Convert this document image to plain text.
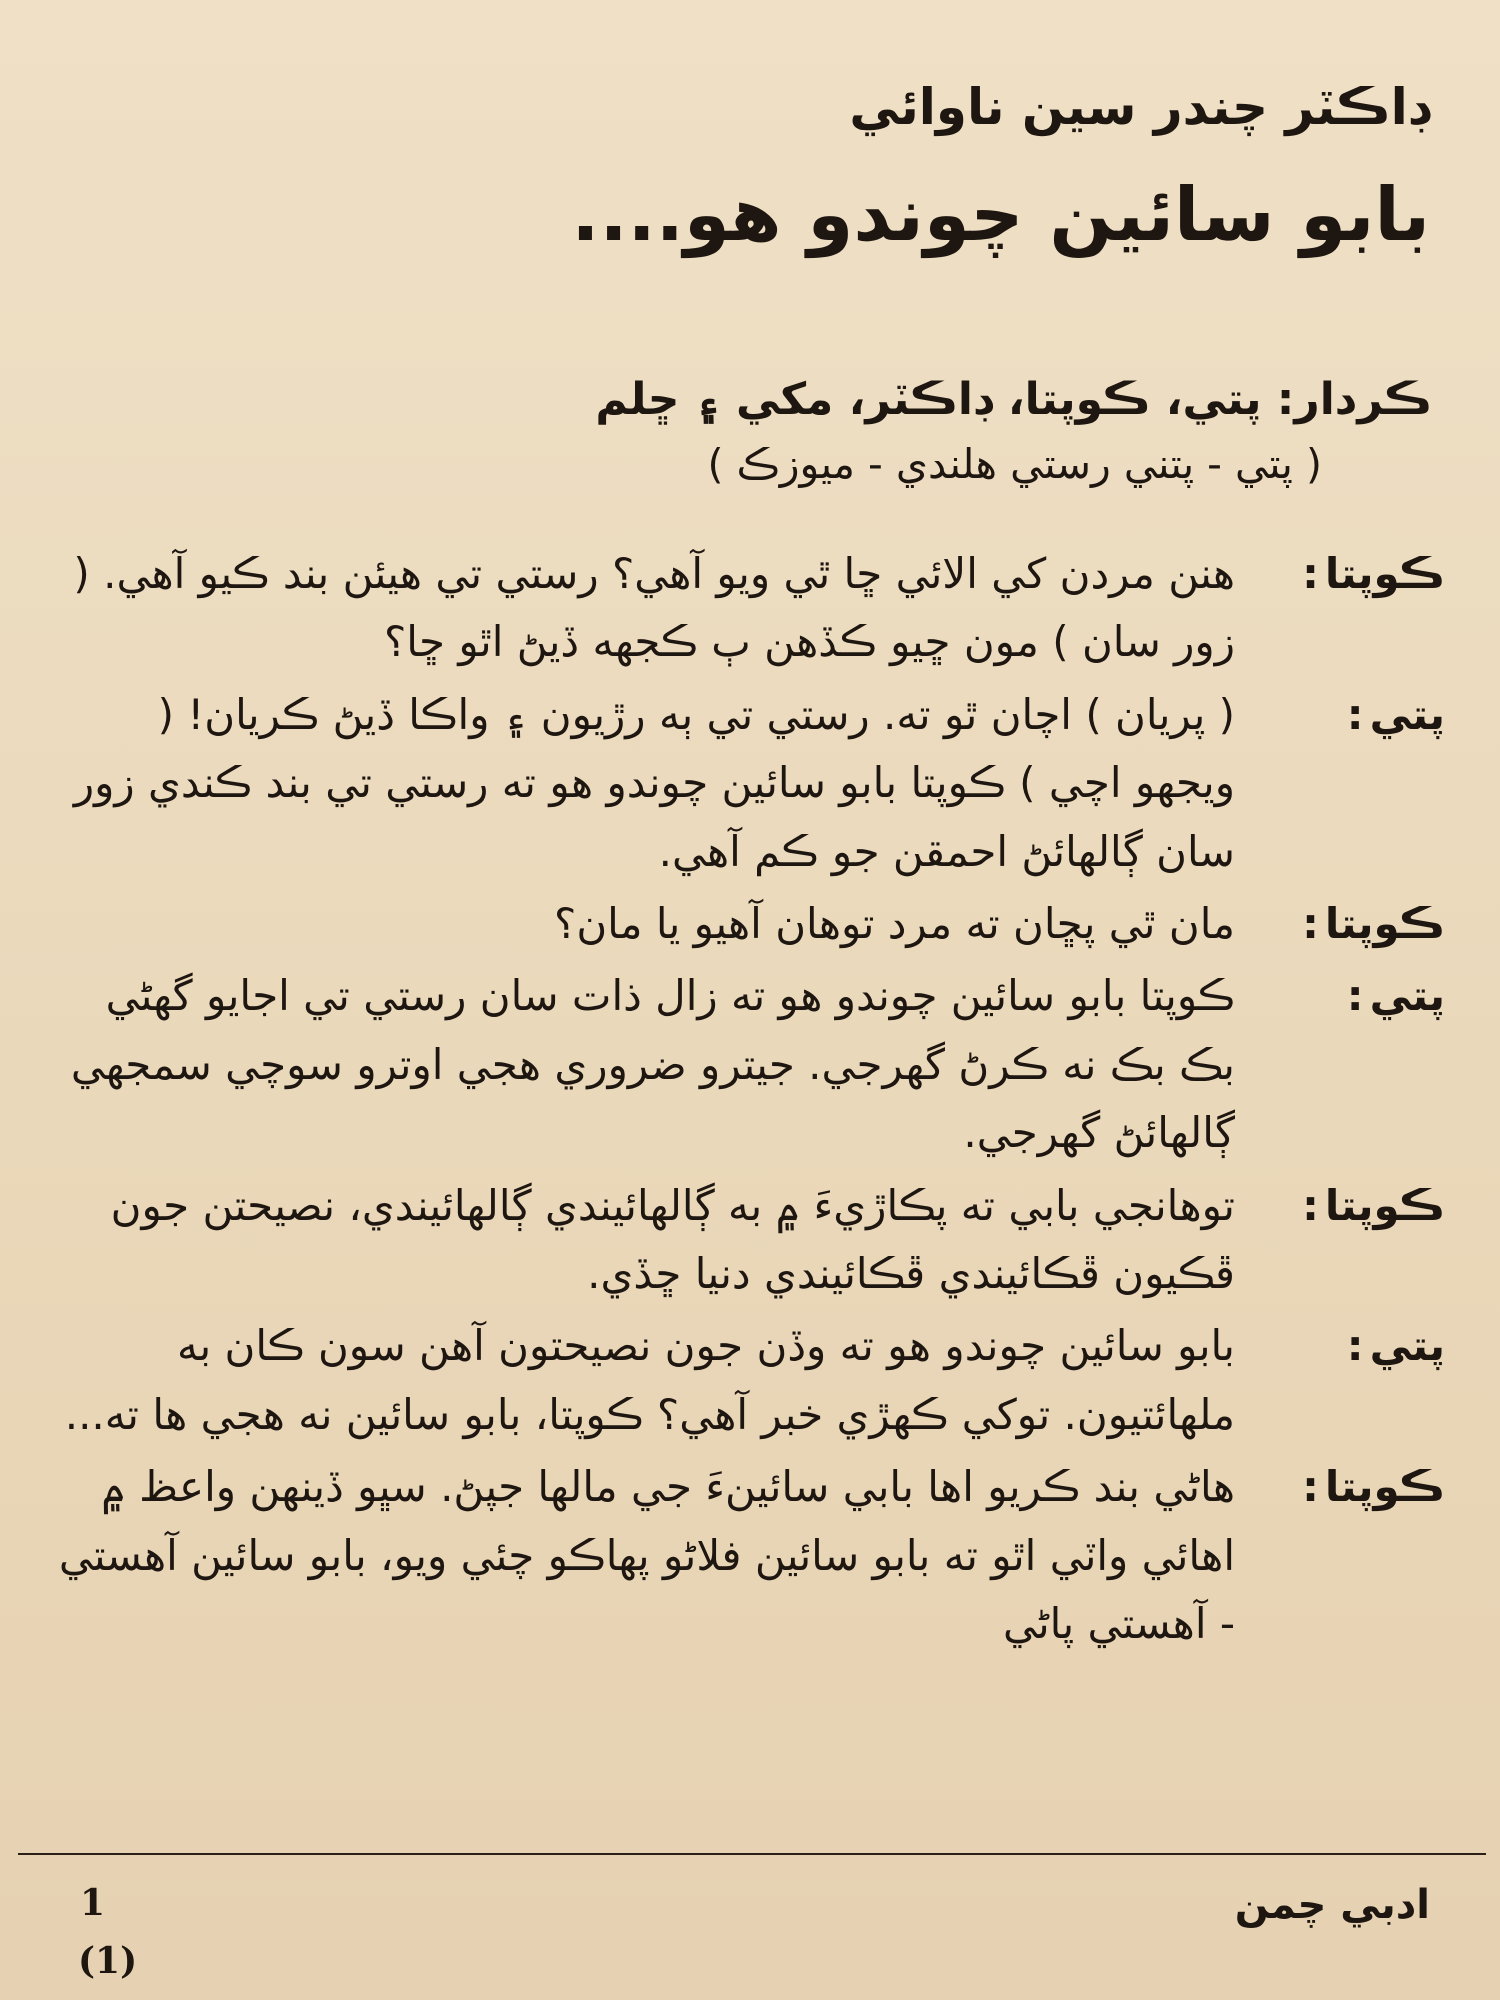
ڊاڪٽر چندر سين ناوائي
بابو سائين چوندو هو....
ڪردار: پتي، ڪوپتا، ڊاڪٽر، مکي ۽ ڇلم
( پتي - پتني رستي هلندي - ميوزڪ )
ڪوپتا:
هنن مردن کي الائي ڇا ٿي ويو آهي؟ رستي تي هيئن بند ڪيو آهي. ( زور سان ) مون ڇيو ڪڏهن ٻ ڪجهه ڏيڻ اٿو ڇا؟
پتي:
( پريان ) اچان ٿو ته. رستي تي ٻه رڙيون ۽ واڪا ڏيڻ ڪريان! ( ويجهو اچي ) ڪوپتا بابو سائين چوندو هو ته رستي تي بند ڪندي زور سان ڳالهائڻ احمقن جو ڪم آهي.
ڪوپتا:
مان ٿي پڇان ته مرد توهان آهيو يا مان؟
پتي:
ڪوپتا بابو سائين چوندو هو ته زال ذات سان رستي تي اجايو گهڻي بڪ بڪ نه ڪرڻ گهرجي. جيترو ضروري هجي اوترو سوچي سمجهي ڳالهائڻ گهرجي.
ڪوپتا:
توهانجي بابي ته پڪاڙيءَ ۾ به ڳالهائيندي ڳالهائيندي، نصيحتن جون ڦڪيون ڦڪائيندي ڦڪائيندي دنيا ڇڏي.
پتي:
بابو سائين چوندو هو ته وڏن جون نصيحتون آهن سون ڪان به ملهائتيون. توکي ڪهڙي خبر آهي؟ ڪوپتا، بابو سائين نه هجي ها ته...
ڪوپتا:
هاڻي بند ڪريو اها بابي سائينءَ جي مالها جپڻ. سڀو ڏينهن واعظ ۾ اهائي واٽي اٿو ته بابو سائين فلاڻو پهاڪو چئي ويو، بابو سائين آهستي - آهستي پاڻي
1
(1)
ادبي چمن
